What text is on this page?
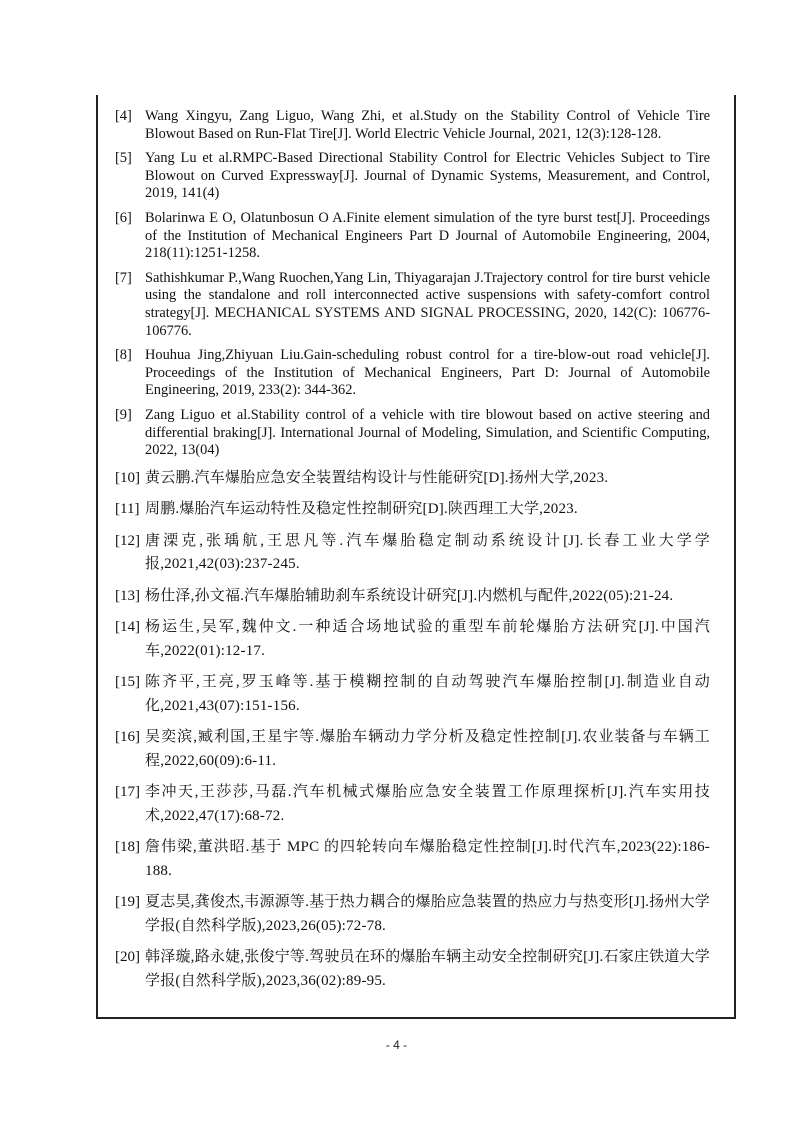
[4] Wang Xingyu, Zang Liguo, Wang Zhi, et al.Study on the Stability Control of Vehicle Tire Blowout Based on Run-Flat Tire[J]. World Electric Vehicle Journal, 2021, 12(3):128-128.
[5] Yang Lu et al.RMPC-Based Directional Stability Control for Electric Vehicles Subject to Tire Blowout on Curved Expressway[J]. Journal of Dynamic Systems, Measurement, and Control, 2019, 141(4)
[6] Bolarinwa E O, Olatunbosun O A.Finite element simulation of the tyre burst test[J]. Proceedings of the Institution of Mechanical Engineers Part D Journal of Automobile Engineering, 2004, 218(11):1251-1258.
[7] Sathishkumar P.,Wang Ruochen,Yang Lin, Thiyagarajan J.Trajectory control for tire burst vehicle using the standalone and roll interconnected active suspensions with safety-comfort control strategy[J]. MECHANICAL SYSTEMS AND SIGNAL PROCESSING, 2020, 142(C): 106776-106776.
[8] Houhua Jing,Zhiyuan Liu.Gain-scheduling robust control for a tire-blow-out road vehicle[J]. Proceedings of the Institution of Mechanical Engineers, Part D: Journal of Automobile Engineering, 2019, 233(2): 344-362.
[9] Zang Liguo et al.Stability control of a vehicle with tire blowout based on active steering and differential braking[J]. International Journal of Modeling, Simulation, and Scientific Computing, 2022, 13(04)
[10] 黄云鹏.汽车爆胎应急安全装置结构设计与性能研究[D].扬州大学,2023.
[11] 周鹏.爆胎汽车运动特性及稳定性控制研究[D].陕西理工大学,2023.
[12] 唐溧克,张瑀航,王思凡等.汽车爆胎稳定制动系统设计[J].长春工业大学学报,2021,42(03):237-245.
[13] 杨仕泽,孙文福.汽车爆胎辅助刹车系统设计研究[J].内燃机与配件,2022(05):21-24.
[14] 杨运生,吴军,魏仲文.一种适合场地试验的重型车前轮爆胎方法研究[J].中国汽车,2022(01):12-17.
[15] 陈齐平,王亮,罗玉峰等.基于模糊控制的自动驾驶汽车爆胎控制[J].制造业自动化,2021,43(07):151-156.
[16] 吴奕滨,臧利国,王星宇等.爆胎车辆动力学分析及稳定性控制[J].农业装备与车辆工程,2022,60(09):6-11.
[17] 李冲天,王莎莎,马磊.汽车机械式爆胎应急安全装置工作原理探析[J].汽车实用技术,2022,47(17):68-72.
[18] 詹伟梁,董洪昭.基于 MPC 的四轮转向车爆胎稳定性控制[J].时代汽车,2023(22):186-188.
[19] 夏志昊,龚俊杰,韦源源等.基于热力耦合的爆胎应急装置的热应力与热变形[J].扬州大学学报(自然科学版),2023,26(05):72-78.
[20] 韩泽璇,路永婕,张俊宁等.驾驶员在环的爆胎车辆主动安全控制研究[J].石家庄铁道大学学报(自然科学版),2023,36(02):89-95.
- 4 -
